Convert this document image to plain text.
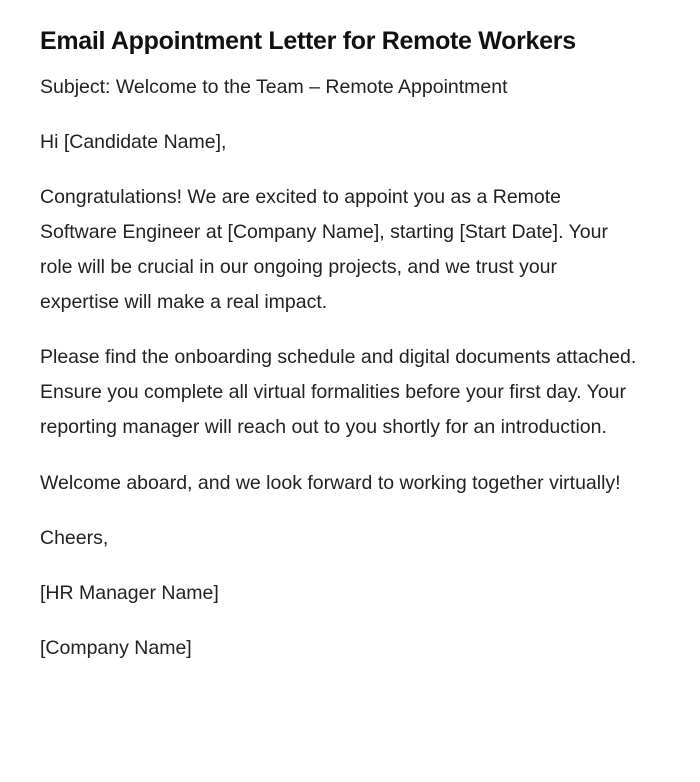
Email Appointment Letter for Remote Workers

Subject: Welcome to the Team – Remote Appointment

Hi [Candidate Name],

Congratulations! We are excited to appoint you as a Remote Software Engineer at [Company Name], starting [Start Date]. Your role will be crucial in our ongoing projects, and we trust your expertise will make a real impact.

Please find the onboarding schedule and digital documents attached. Ensure you complete all virtual formalities before your first day. Your reporting manager will reach out to you shortly for an introduction.

Welcome aboard, and we look forward to working together virtually!

Cheers,

[HR Manager Name]

[Company Name]
